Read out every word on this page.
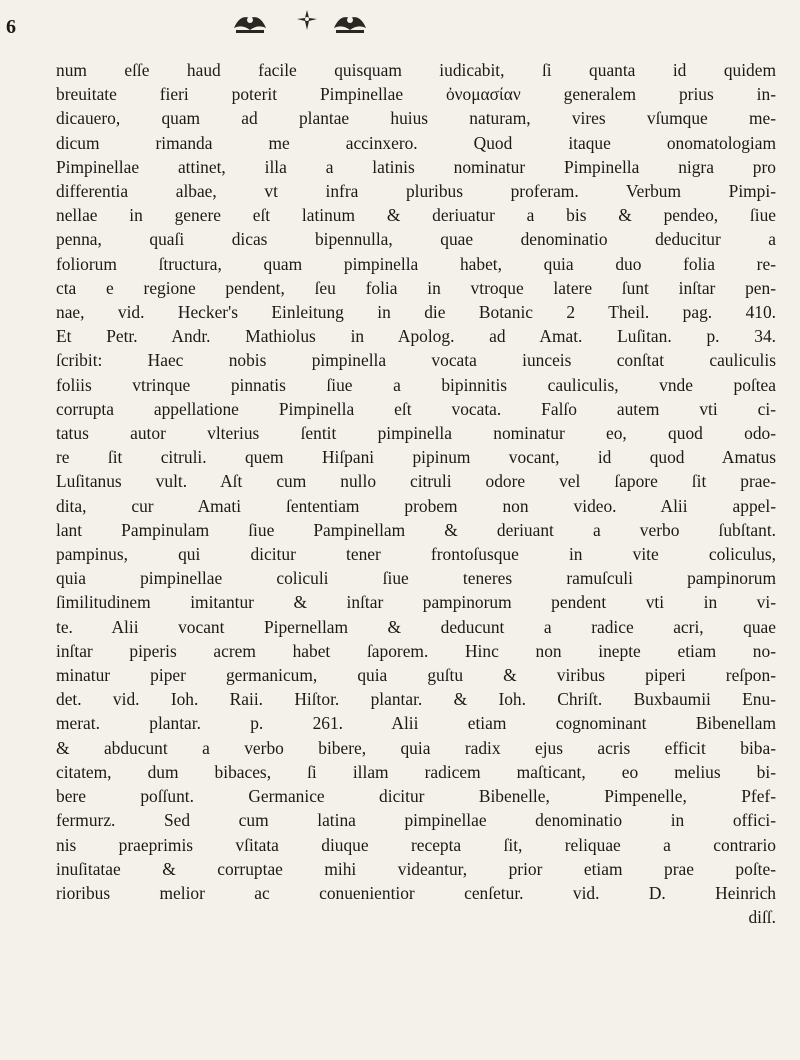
6
num eſſe haud facile quisquam iudicabit, ſi quanta id quidem
breuitate fieri poterit Pimpinellae ὀνομασίαν generalem prius in-
dicauero, quam ad plantae huius naturam, vires vſumque me-
dicum rimanda me accinxero. Quod itaque onomatologiam
Pimpinellae attinet, illa a latinis nominatur Pimpinella nigra pro
differentia albae, vt infra pluribus proferam. Verbum Pimpi-
nellae in genere eſt latinum & deriuatur a bis & pendeo, ſiue
penna, quaſi dicas bipennulla, quae denominatio deducitur a
foliorum ſtructura, quam pimpinella habet, quia duo folia re-
cta e regione pendent, ſeu folia in vtroque latere ſunt inſtar pen-
nae, vid. Hecker's Einleitung in die Botanic 2 Theil. pag. 410.
Et Petr. Andr. Mathiolus in Apolog. ad Amat. Luſitan. p. 34.
ſcribit: Haec nobis pimpinella vocata iunceis conſtat cauliculis
foliis vtrinque pinnatis ſiue a bipinnitis cauliculis, vnde poſtea
corrupta appellatione Pimpinella eſt vocata. Falſo autem vti ci-
tatus autor vlterius ſentit pimpinella nominatur eo, quod odo-
re ſit citruli. quem Hiſpani pipinum vocant, id quod Amatus
Luſitanus vult. Aſt cum nullo citruli odore vel ſapore ſit prae-
dita, cur Amati ſententiam probem non video. Alii appel-
lant Pampinulam ſiue Pampinellam & deriuant a verbo ſubſtant.
pampinus, qui dicitur tener frontoſusque in vite coliculus,
quia pimpinellae coliculi ſiue teneres ramuſculi pampinorum
ſimilitudinem imitantur & inſtar pampinorum pendent vti in vi-
te. Alii vocant Pipernellam & deducunt a radice acri, quae
inſtar piperis acrem habet ſaporem. Hinc non inepte etiam no-
minatur piper germanicum, quia guſtu & viribus piperi reſpon-
det. vid. Ioh. Raii. Hiſtor. plantar. & Ioh. Chriſt. Buxbaumii Enu-
merat. plantar. p. 261. Alii etiam cognominant Bibenellam
& abducunt a verbo bibere, quia radix ejus acris efficit biba-
citatem, dum bibaces, ſi illam radicem maſticant, eo melius bi-
bere poſſunt. Germanice dicitur Bibenelle, Pimpenelle, Pfef-
fermurz. Sed cum latina pimpinellae denominatio in offici-
nis praeprimis vſitata diuque recepta ſit, reliquae a contrario
inuſitatae & corruptae mihi videantur, prior etiam prae poſte-
rioribus melior ac conuenientior cenſetur. vid. D. Heinrich
diſſ.
